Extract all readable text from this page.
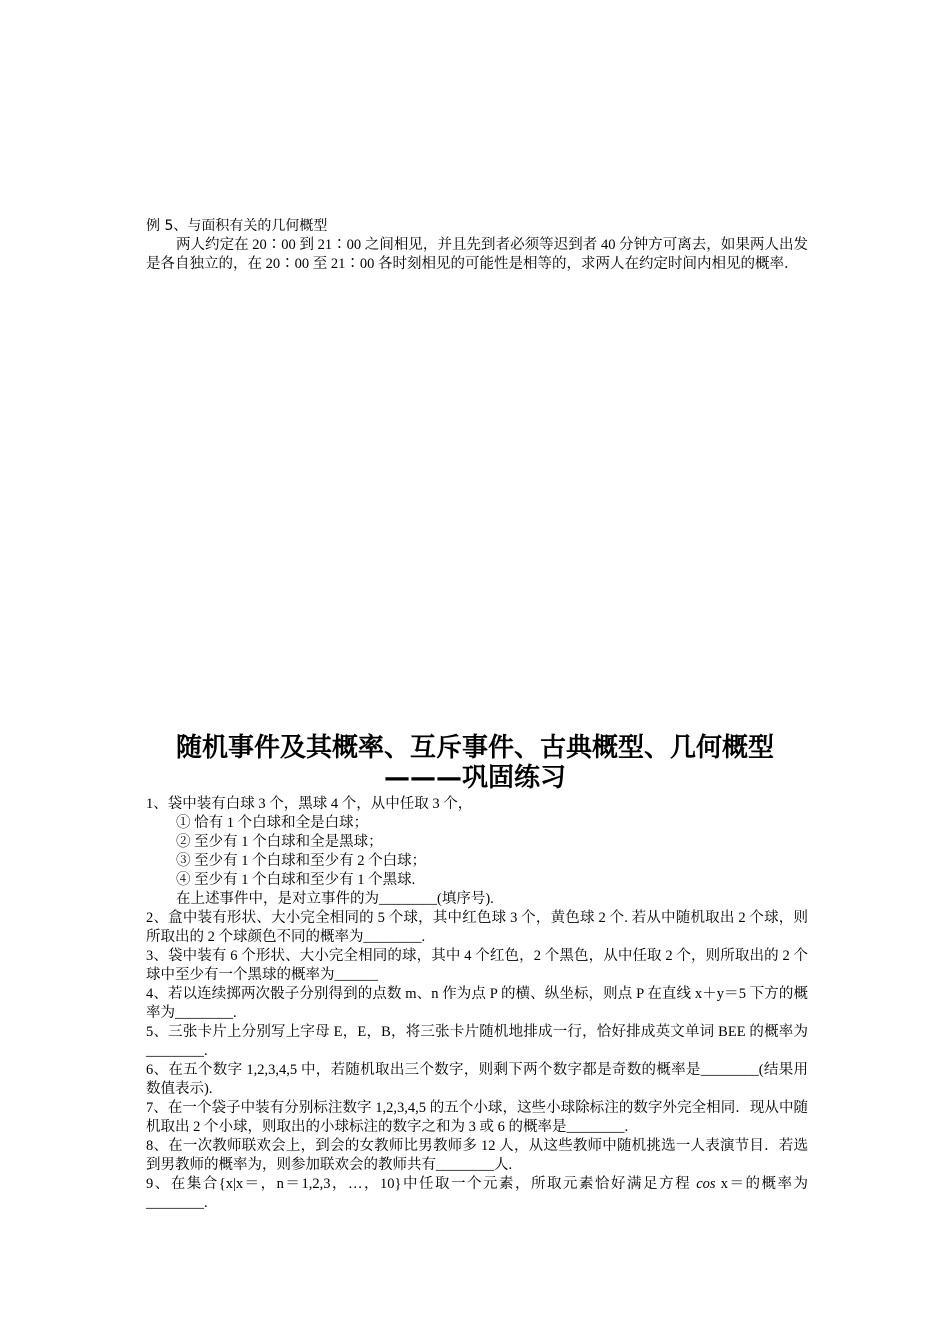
例 5、与面积有关的几何概型
两人约定在 20∶00 到 21∶00 之间相见，并且先到者必须等迟到者 40 分钟方可离去，如果两人出发是各自独立的，在 20∶00 至 21∶00 各时刻相见的可能性是相等的，求两人在约定时间内相见的概率．
随机事件及其概率、互斥事件、古典概型、几何概型
———巩固练习

1、袋中装有白球 3 个，黑球 4 个，从中任取 3 个，

① 恰有 1 个白球和全是白球；

② 至少有 1 个白球和全是黑球；

③ 至少有 1 个白球和至少有 2 个白球；

④ 至少有 1 个白球和至少有 1 个黑球.

在上述事件中，是对立事件的为________(填序号).

2、盒中装有形状、大小完全相同的 5 个球，其中红色球 3 个，黄色球 2 个. 若从中随机取出 2 个球，则所取出的 2 个球颜色不同的概率为________.

3、袋中装有 6 个形状、大小完全相同的球，其中 4 个红色，2 个黑色，从中任取 2 个，则所取出的 2 个球中至少有一个黑球的概率为______

4、若以连续掷两次骰子分别得到的点数 m、n 作为点 P 的横、纵坐标，则点 P 在直线 x＋y＝5 下方的概率为________.

5、三张卡片上分别写上字母 E，E，B，将三张卡片随机地排成一行，恰好排成英文单词 BEE 的概率为________.

6、在五个数字 1,2,3,4,5 中，若随机取出三个数字，则剩下两个数字都是奇数的概率是________(结果用数值表示).

7、在一个袋子中装有分别标注数字 1,2,3,4,5 的五个小球，这些小球除标注的数字外完全相同．现从中随机取出 2 个小球，则取出的小球标注的数字之和为 3 或 6 的概率是________.

8、在一次教师联欢会上，到会的女教师比男教师多 12 人，从这些教师中随机挑选一人表演节目．若选到男教师的概率为，则参加联欢会的教师共有________人.

9、在集合{x|x＝，n＝1,2,3，…，10}中任取一个元素，所取元素恰好满足方程 cos x＝的概率为________.
